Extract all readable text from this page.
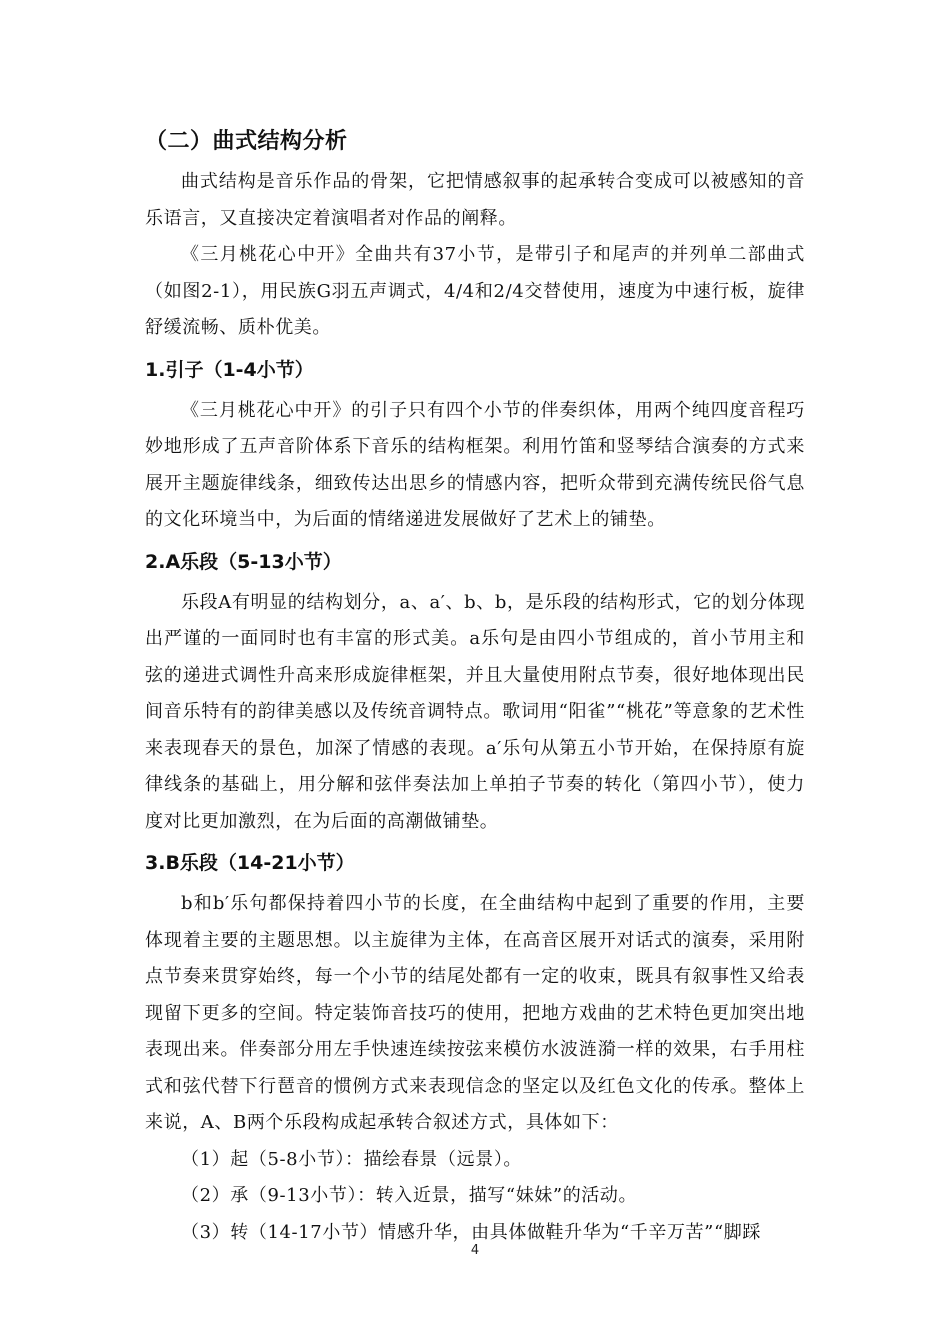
（二）曲式结构分析

曲式结构是音乐作品的骨架，它把情感叙事的起承转合变成可以被感知的音乐语言，又直接决定着演唱者对作品的阐释。

《三月桃花心中开》全曲共有37小节，是带引子和尾声的并列单二部曲式（如图2-1），用民族G羽五声调式，4/4和2/4交替使用，速度为中速行板，旋律舒缓流畅、质朴优美。

1.引子（1-4小节）

《三月桃花心中开》的引子只有四个小节的伴奏织体，用两个纯四度音程巧妙地形成了五声音阶体系下音乐的结构框架。利用竹笛和竖琴结合演奏的方式来展开主题旋律线条，细致传达出思乡的情感内容，把听众带到充满传统民俗气息的文化环境当中，为后面的情绪递进发展做好了艺术上的铺垫。

2.A乐段（5-13小节）

乐段A有明显的结构划分，a、a′、b、b，是乐段的结构形式，它的划分体现出严谨的一面同时也有丰富的形式美。a乐句是由四小节组成的，首小节用主和弦的递进式调性升高来形成旋律框架，并且大量使用附点节奏，很好地体现出民间音乐特有的韵律美感以及传统音调特点。歌词用“阳雀”“桃花”等意象的艺术性来表现春天的景色，加深了情感的表现。a′乐句从第五小节开始，在保持原有旋律线条的基础上，用分解和弦伴奏法加上单拍子节奏的转化（第四小节），使力度对比更加激烈，在为后面的高潮做铺垫。

3.B乐段（14-21小节）

b和b′乐句都保持着四小节的长度，在全曲结构中起到了重要的作用，主要体现着主要的主题思想。以主旋律为主体，在高音区展开对话式的演奏，采用附点节奏来贯穿始终，每一个小节的结尾处都有一定的收束，既具有叙事性又给表现留下更多的空间。特定装饰音技巧的使用，把地方戏曲的艺术特色更加突出地表现出来。伴奏部分用左手快速连续按弦来模仿水波涟漪一样的效果，右手用柱式和弦代替下行琶音的惯例方式来表现信念的坚定以及红色文化的传承。整体上来说，A、B两个乐段构成起承转合叙述方式，具体如下：

（1）起（5-8小节）：描绘春景（远景）。

（2）承（9-13小节）：转入近景，描写“妹妹”的活动。

（3）转（14-17小节）情感升华，由具体做鞋升华为“千辛万苦”“脚踩

4
